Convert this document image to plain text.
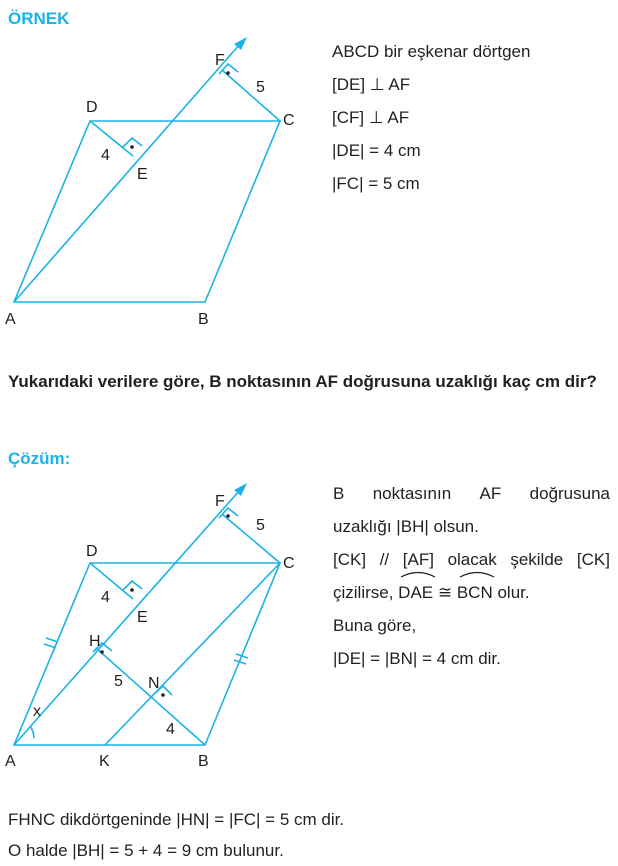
ÖRNEK
A	B
C
D
E
F
4
5
ABCD bir eşkenar dörtgen
[DE] ⊥ AF
[CF] ⊥ AF
|DE| = 4 cm
|FC| = 5 cm
Yukarıdaki verilere göre, B noktasının AF doğrusuna uzaklığı kaç cm dir?
Çözüm:
A	B
C
D
E
F
H
K
N
x
5
4
5
4
B noktasının AF doğrusuna
uzaklığı |BH| olsun.
[CK] // [AF] olacak şekilde [CK]
çizilirse,
DAE ≅
BCN olur.
Buna göre,
|DE| = |BN| = 4 cm dir.
FHNC dikdörtgeninde |HN| = |FC| = 5 cm dir.
O halde |BH| = 5 + 4 = 9 cm bulunur.
